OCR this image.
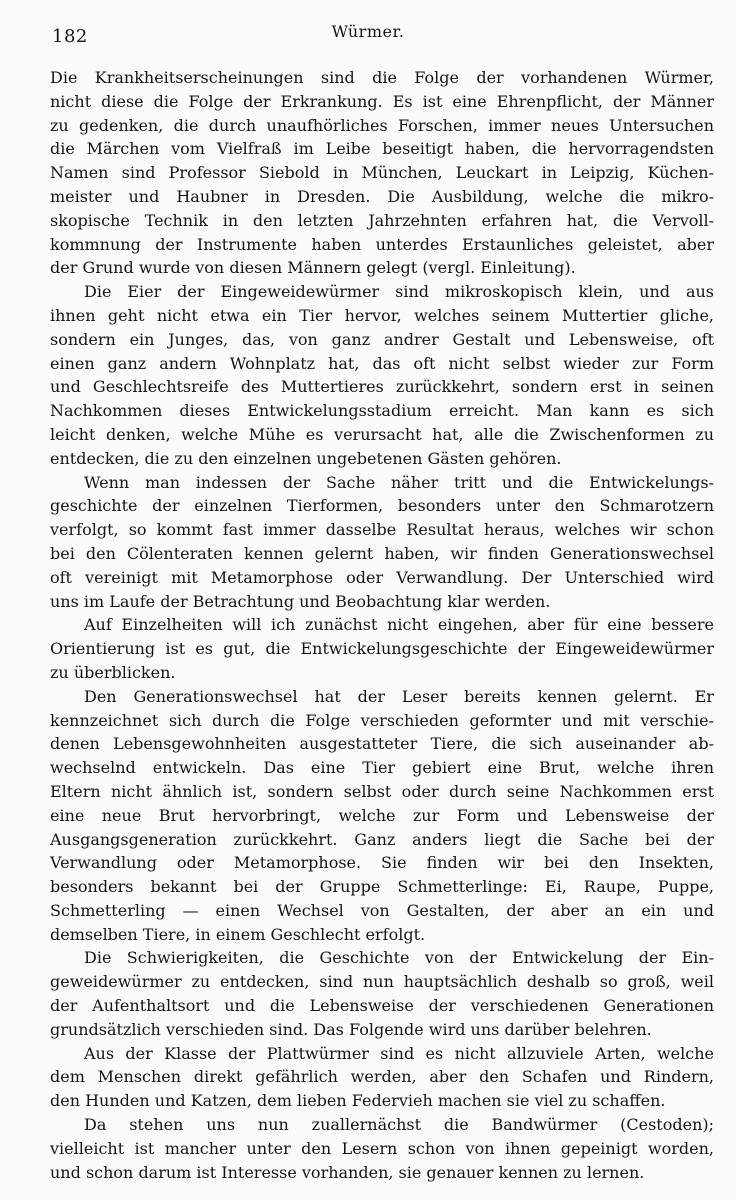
182	Würmer.
Die Krankheitserscheinungen sind die Folge der vorhandenen Würmer,
nicht diese die Folge der Erkrankung. Es ist eine Ehrenpflicht, der Männer
zu gedenken, die durch unaufhörliches Forschen, immer neues Untersuchen
die Märchen vom Vielfraß im Leibe beseitigt haben, die hervorragendsten
Namen sind Professor Siebold in München, Leuckart in Leipzig, Küchen-
meister und Haubner in Dresden. Die Ausbildung, welche die mikro-
skopische Technik in den letzten Jahrzehnten erfahren hat, die Vervoll-
kommnung der Instrumente haben unterdes Erstaunliches geleistet, aber
der Grund wurde von diesen Männern gelegt (vergl. Einleitung).
Die Eier der Eingeweidewürmer sind mikroskopisch klein, und aus
ihnen geht nicht etwa ein Tier hervor, welches seinem Muttertier gliche,
sondern ein Junges, das, von ganz andrer Gestalt und Lebensweise, oft
einen ganz andern Wohnplatz hat, das oft nicht selbst wieder zur Form
und Geschlechtsreife des Muttertieres zurückkehrt, sondern erst in seinen
Nachkommen dieses Entwickelungsstadium erreicht. Man kann es sich
leicht denken, welche Mühe es verursacht hat, alle die Zwischenformen zu
entdecken, die zu den einzelnen ungebetenen Gästen gehören.
Wenn man indessen der Sache näher tritt und die Entwickelungs-
geschichte der einzelnen Tierformen, besonders unter den Schmarotzern
verfolgt, so kommt fast immer dasselbe Resultat heraus, welches wir schon
bei den Cölenteraten kennen gelernt haben, wir finden Generationswechsel
oft vereinigt mit Metamorphose oder Verwandlung. Der Unterschied wird
uns im Laufe der Betrachtung und Beobachtung klar werden.
Auf Einzelheiten will ich zunächst nicht eingehen, aber für eine bessere
Orientierung ist es gut, die Entwickelungsgeschichte der Eingeweidewürmer
zu überblicken.
Den Generationswechsel hat der Leser bereits kennen gelernt. Er
kennzeichnet sich durch die Folge verschieden geformter und mit verschie-
denen Lebensgewohnheiten ausgestatteter Tiere, die sich auseinander ab-
wechselnd entwickeln. Das eine Tier gebiert eine Brut, welche ihren
Eltern nicht ähnlich ist, sondern selbst oder durch seine Nachkommen erst
eine neue Brut hervorbringt, welche zur Form und Lebensweise der
Ausgangsgeneration zurückkehrt. Ganz anders liegt die Sache bei der
Verwandlung oder Metamorphose. Sie finden wir bei den Insekten,
besonders bekannt bei der Gruppe Schmetterlinge: Ei, Raupe, Puppe,
Schmetterling — einen Wechsel von Gestalten, der aber an ein und
demselben Tiere, in einem Geschlecht erfolgt.
Die Schwierigkeiten, die Geschichte von der Entwickelung der Ein-
geweidewürmer zu entdecken, sind nun hauptsächlich deshalb so groß, weil
der Aufenthaltsort und die Lebensweise der verschiedenen Generationen
grundsätzlich verschieden sind. Das Folgende wird uns darüber belehren.
Aus der Klasse der Plattwürmer sind es nicht allzuviele Arten, welche
dem Menschen direkt gefährlich werden, aber den Schafen und Rindern,
den Hunden und Katzen, dem lieben Federvieh machen sie viel zu schaffen.
Da stehen uns nun zuallernächst die Bandwürmer (Cestoden);
vielleicht ist mancher unter den Lesern schon von ihnen gepeinigt worden,
und schon darum ist Interesse vorhanden, sie genauer kennen zu lernen.
